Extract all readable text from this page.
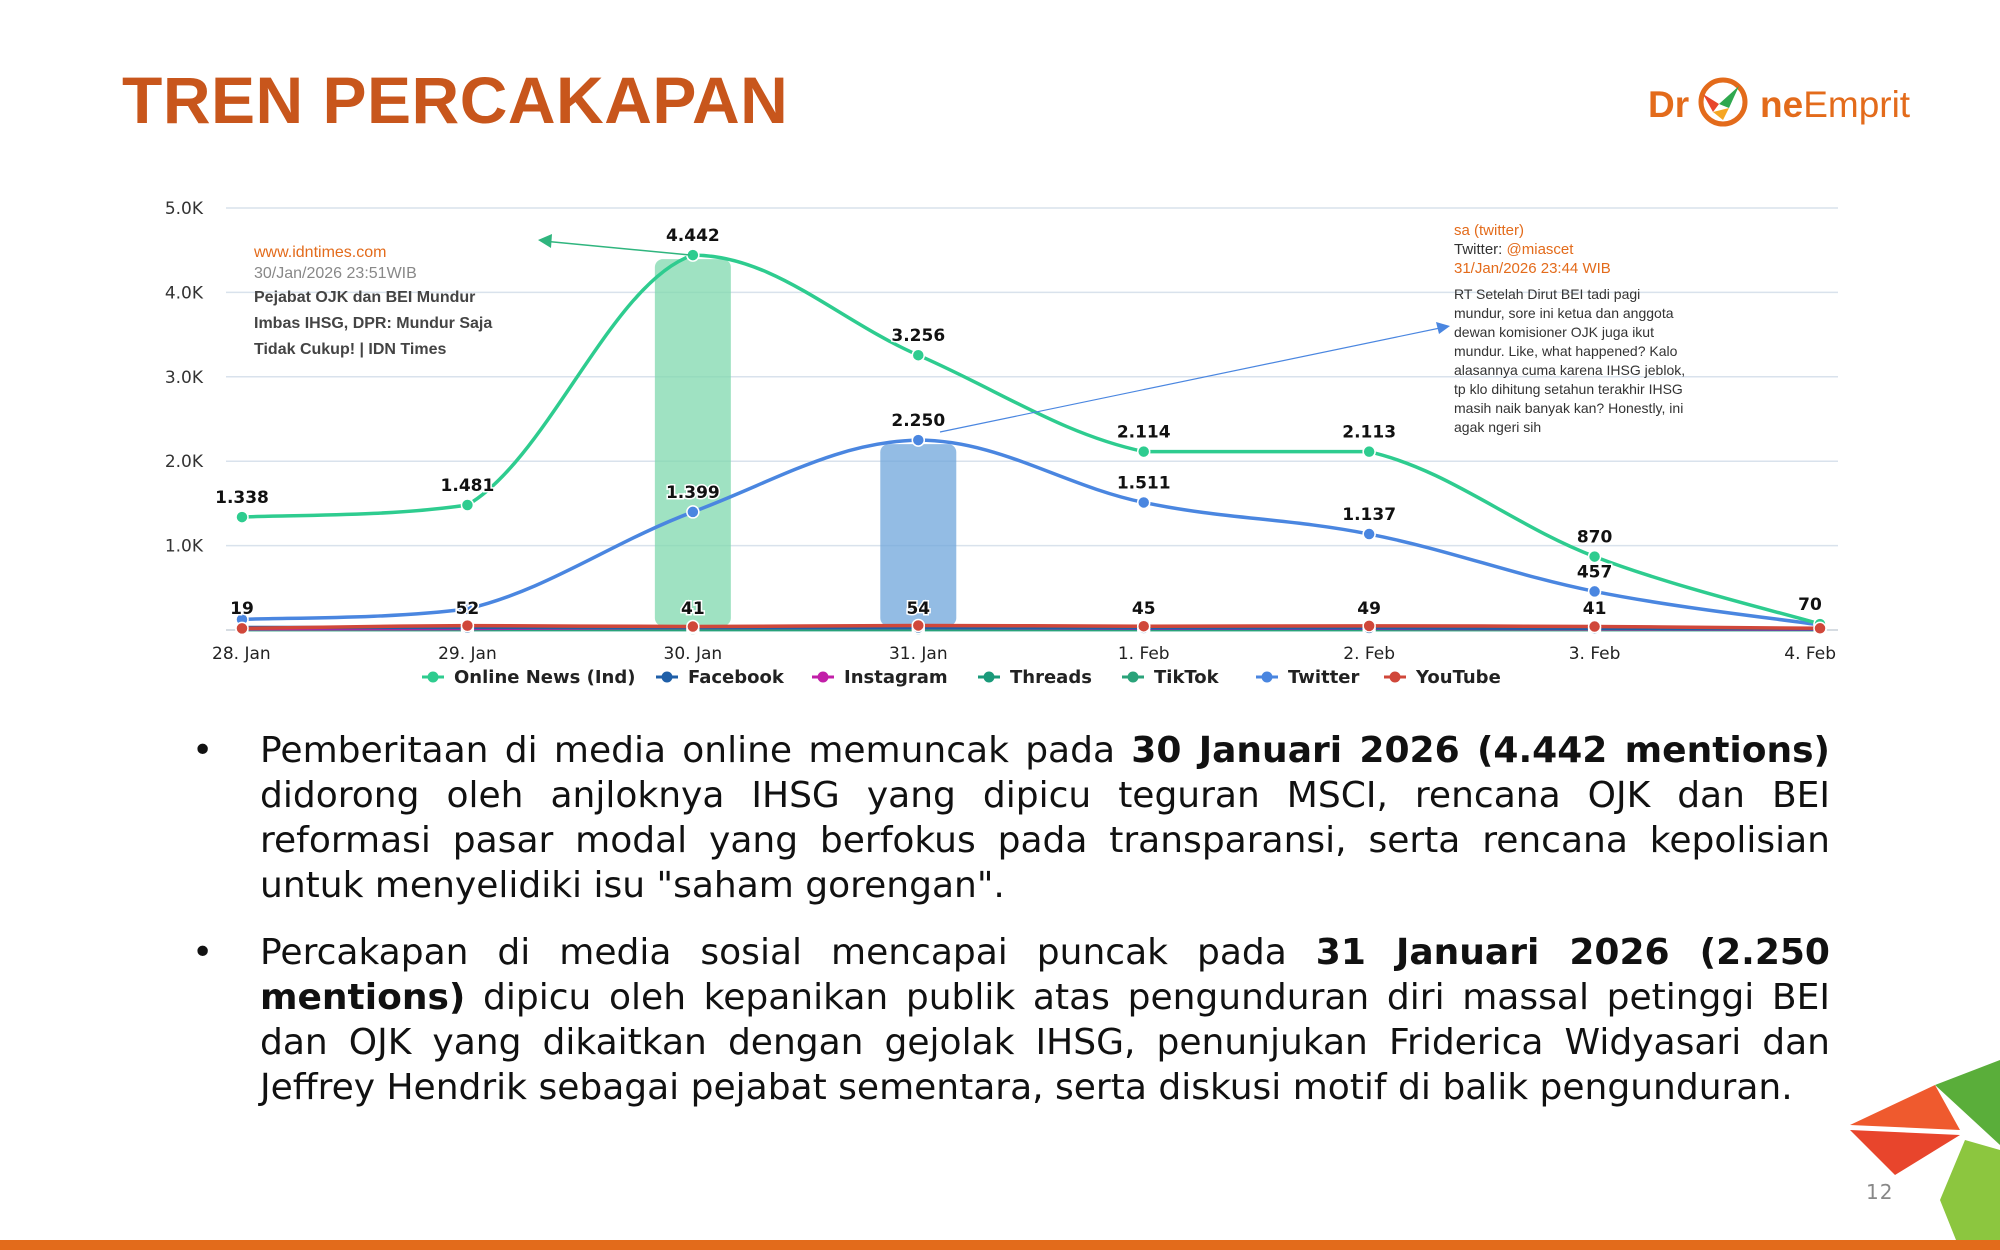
TREN PERCAKAPAN	Dr neEmprit
1.338
1.481
4.442
3.256
2.114	2.113
870
70
1.399
2.250
1.511
1.137
457
19	52	41	54	45	49	41
5.0K
4.0K
3.0K
2.0K
1.0K
28. Jan	29. Jan	30. Jan	31. Jan	1. Feb	2. Feb	3. Feb	4. Feb
Online News (Ind)	Facebook	Instagram	Threads	TikTok	Twitter	YouTube
www.idntimes.com
30/Jan/2026 23:51WIB
Pejabat OJK dan BEI Mundur
Imbas IHSG, DPR: Mundur Saja
Tidak Cukup! | IDN Times
sa (twitter)
Twitter: @miascet
31/Jan/2026 23:44 WIB
RT Setelah Dirut BEI tadi pagi
mundur, sore ini ketua dan anggota
dewan komisioner OJK juga ikut
mundur. Like, what happened? Kalo
alasannya cuma karena IHSG jeblok,
tp klo dihitung setahun terakhir IHSG
masih naik banyak kan? Honestly, ini
agak ngeri sih
• Pemberitaan di media online memuncak pada 30 Januari 2026 (4.442 mentions) didorong oleh anjloknya IHSG yang dipicu teguran MSCI, rencana OJK dan BEI reformasi pasar modal yang berfokus pada transparansi, serta rencana kepolisian untuk menyelidiki isu "saham gorengan".
• Percakapan di media sosial mencapai puncak pada 31 Januari 2026 (2.250 mentions) dipicu oleh kepanikan publik atas pengunduran diri massal petinggi BEI dan OJK yang dikaitkan dengan gejolak IHSG, penunjukan Friderica Widyasari dan Jeffrey Hendrik sebagai pejabat sementara, serta diskusi motif di balik pengunduran.
12
